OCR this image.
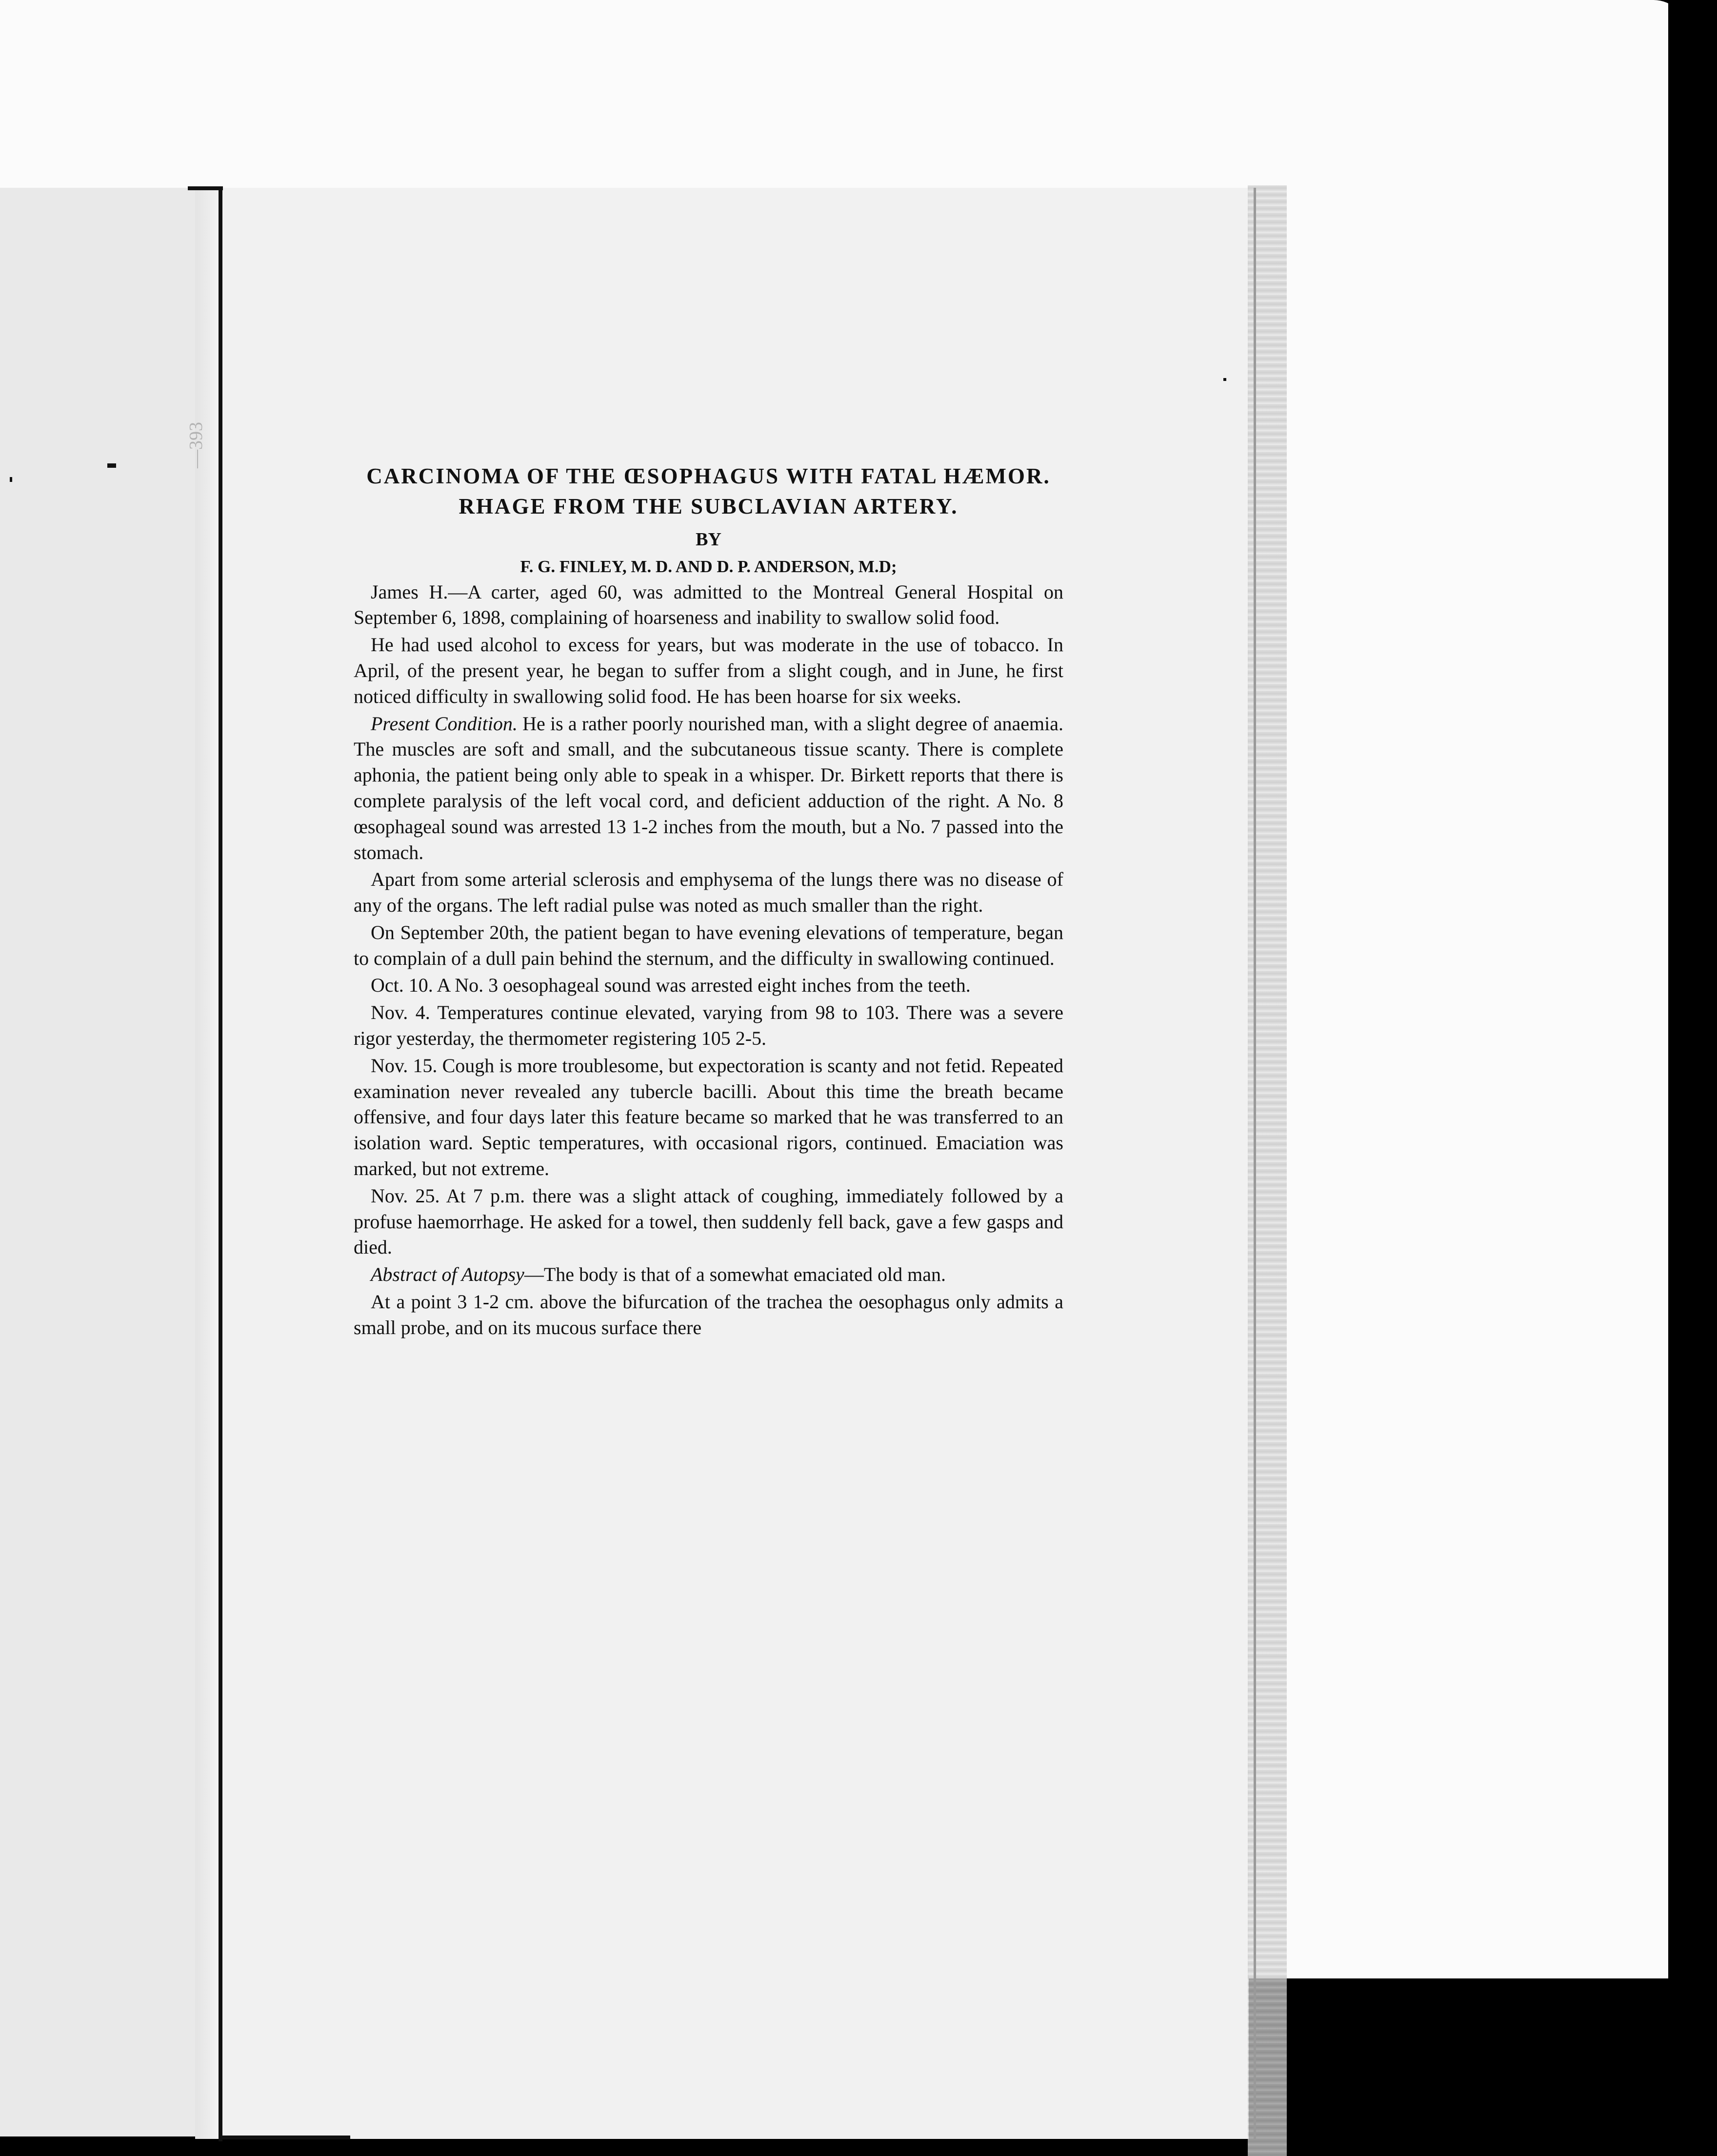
—393
CARCINOMA OF THE ŒSOPHAGUS WITH FATAL HÆMOR.
RHAGE FROM THE SUBCLAVIAN ARTERY.
BY
F. G. FINLEY, M. D. AND D. P. ANDERSON, M.D;

James H.—A carter, aged 60, was admitted to the Montreal General Hospital on September 6, 1898, complaining of hoarseness and inability to swallow solid food.

He had used alcohol to excess for years, but was moderate in the use of tobacco. In April, of the present year, he began to suffer from a slight cough, and in June, he first noticed difficulty in swallowing solid food. He has been hoarse for six weeks.

Present Condition. He is a rather poorly nourished man, with a slight degree of anaemia. The muscles are soft and small, and the subcutaneous tissue scanty. There is complete aphonia, the patient being only able to speak in a whisper. Dr. Birkett reports that there is complete paralysis of the left vocal cord, and deficient adduction of the right. A No. 8 œsophageal sound was arrested 13 1-2 inches from the mouth, but a No. 7 passed into the stomach.

Apart from some arterial sclerosis and emphysema of the lungs there was no disease of any of the organs. The left radial pulse was noted as much smaller than the right.

On September 20th, the patient began to have evening elevations of temperature, began to complain of a dull pain behind the sternum, and the difficulty in swallowing continued.

Oct. 10. A No. 3 oesophageal sound was arrested eight inches from the teeth.

Nov. 4. Temperatures continue elevated, varying from 98 to 103. There was a severe rigor yesterday, the thermometer registering 105 2-5.

Nov. 15. Cough is more troublesome, but expectoration is scanty and not fetid. Repeated examination never revealed any tubercle bacilli. About this time the breath became offensive, and four days later this feature became so marked that he was transferred to an isolation ward. Septic temperatures, with occasional rigors, continued. Emaciation was marked, but not extreme.

Nov. 25. At 7 p.m. there was a slight attack of coughing, immediately followed by a profuse haemorrhage. He asked for a towel, then suddenly fell back, gave a few gasps and died.

Abstract of Autopsy—The body is that of a somewhat emaciated old man.

At a point 3 1-2 cm. above the bifurcation of the trachea the oesophagus only admits a small probe, and on its mucous surface there
